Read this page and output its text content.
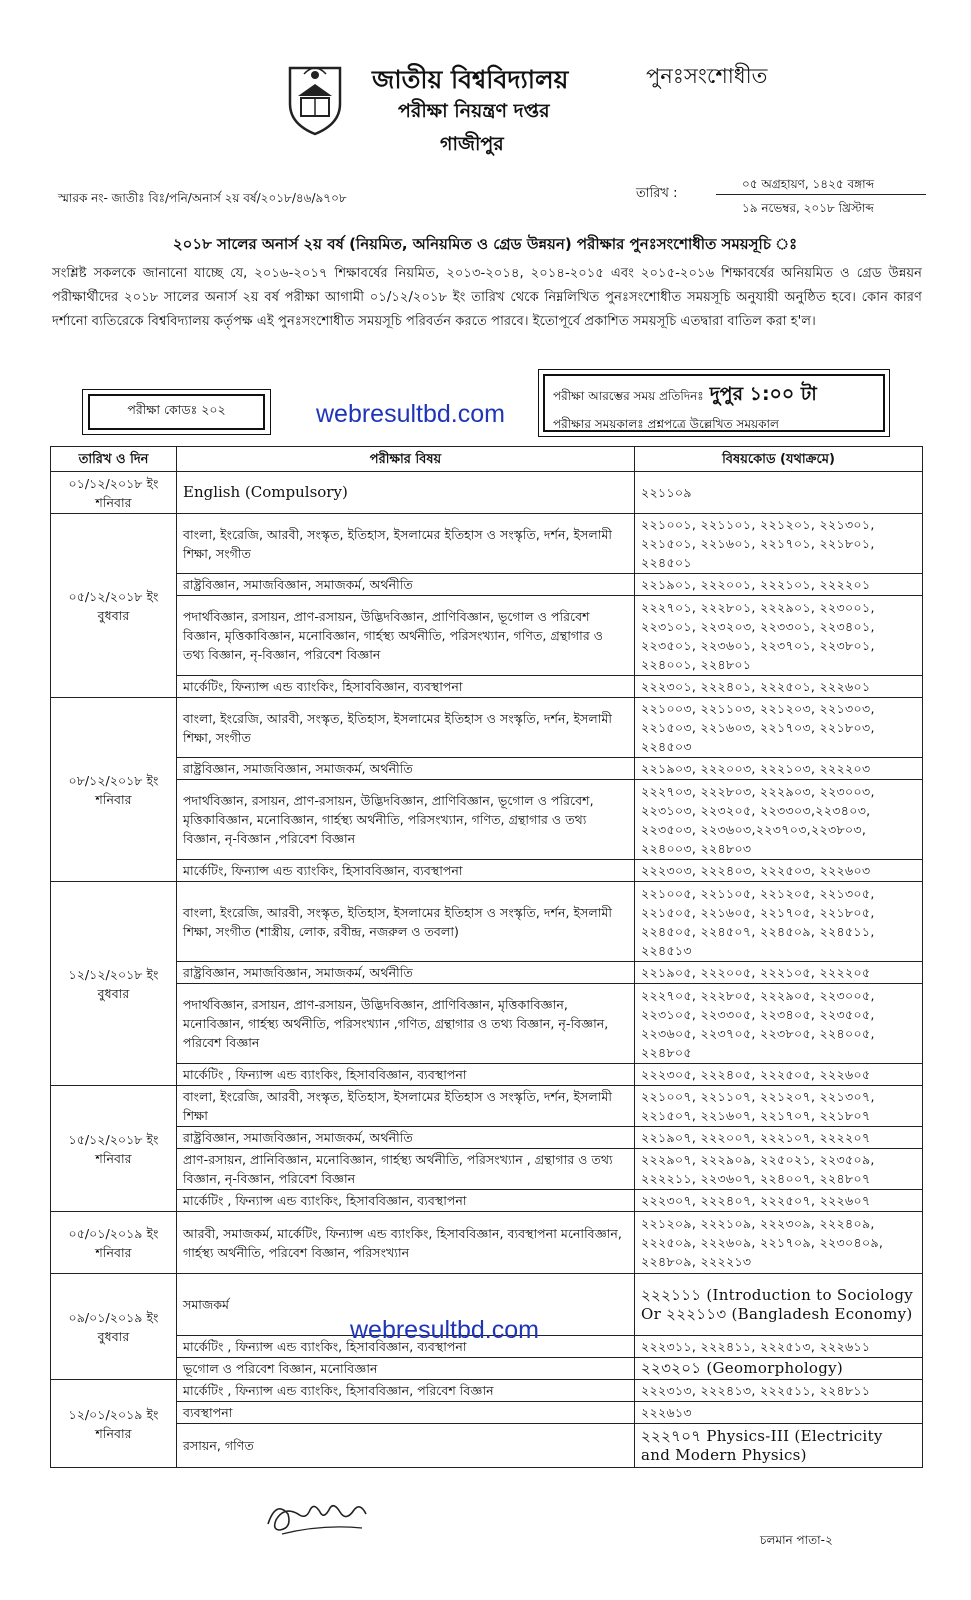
জাতীয় বিশ্ববিদ্যালয়
পরীক্ষা নিয়ন্ত্রণ দপ্তর
গাজীপুর
পুনঃসংশোধীত
স্মারক নং- জাতীঃ বিঃ/পনি/অনার্স ২য় বর্ষ/২০১৮/৪৬/৯৭০৮	তারিখ :
০৫ অগ্রহায়ণ, ১৪২৫ বঙ্গাব্দ
১৯ নভেম্বর, ২০১৮ খ্রিস্টাব্দ
২০১৮ সালের অনার্স ২য় বর্ষ (নিয়মিত, অনিয়মিত ও গ্রেড উন্নয়ন) পরীক্ষার পুনঃসংশোধীত সময়সূচি ঃ
সংশ্লিষ্ট সকলকে জানানো যাচ্ছে যে, ২০১৬-২০১৭ শিক্ষাবর্ষের নিয়মিত, ২০১৩-২০১৪, ২০১৪-২০১৫ এবং ২০১৫-২০১৬ শিক্ষাবর্ষের অনিয়মিত ও গ্রেড উন্নয়ন পরীক্ষার্থীদের ২০১৮ সালের অনার্স ২য় বর্ষ পরীক্ষা আগামী ০১/১২/২০১৮ ইং তারিখ থেকে নিম্নলিখিত পুনঃসংশোধীত সময়সূচি অনুযায়ী অনুষ্ঠিত হবে। কোন কারণ দর্শানো ব্যতিরেকে বিশ্ববিদ্যালয় কর্তৃপক্ষ এই পুনঃসংশোধীত সময়সূচি পরিবর্তন করতে পারবে। ইতোপূর্বে প্রকাশিত সময়সূচি এতদ্বারা বাতিল করা হ'ল।
পরীক্ষা কোডঃ ২০২	webresultbd.com
পরীক্ষা আরম্ভের সময় প্রতিদিনঃ দুপুর ১:০০ টা
পরীক্ষার সময়কালঃ প্রশ্নপত্রে উল্লেখিত সময়কাল
তারিখ ও দিন	পরীক্ষার বিষয়	বিষয়কোড (যথাক্রমে)

০১/১২/২০১৮ ইং
শনিবার	English (Compulsory)	২২১১০৯

০৫/১২/২০১৮ ইং
বুধবার	বাংলা, ইংরেজি, আরবী, সংস্কৃত, ইতিহাস, ইসলামের ইতিহাস ও সংস্কৃতি, দর্শন, ইসলামী শিক্ষা, সংগীত	২২১০০১, ২২১১০১, ২২১২০১, ২২১৩০১, ২২১৫০১, ২২১৬০১, ২২১৭০১, ২২১৮০১, ২২৪৫০১
	রাষ্ট্রবিজ্ঞান, সমাজবিজ্ঞান, সমাজকর্ম, অর্থনীতি	২২১৯০১, ২২২০০১, ২২২১০১, ২২২২০১
	পদার্থবিজ্ঞান, রসায়ন, প্রাণ-রসায়ন, উদ্ভিদবিজ্ঞান, প্রাণিবিজ্ঞান, ভূগোল ও পরিবেশ বিজ্ঞান, মৃত্তিকাবিজ্ঞান, মনোবিজ্ঞান, গার্হস্থ্য অর্থনীতি, পরিসংখ্যান, গণিত, গ্রন্থাগার ও তথ্য বিজ্ঞান, নৃ-বিজ্ঞান, পরিবেশ বিজ্ঞান	২২২৭০১, ২২২৮০১, ২২২৯০১, ২২৩০০১, ২২৩১০১, ২২৩২০৩, ২২৩৩০১, ২২৩৪০১, ২২৩৫০১, ২২৩৬০১, ২২৩৭০১, ২২৩৮০১, ২২৪০০১, ২২৪৮০১
	মার্কেটিং, ফিন্যান্স এন্ড ব্যাংকিং, হিসাববিজ্ঞান, ব্যবস্থাপনা	২২২৩০১, ২২২৪০১, ২২২৫০১, ২২২৬০১

০৮/১২/২০১৮ ইং
শনিবার	বাংলা, ইংরেজি, আরবী, সংস্কৃত, ইতিহাস, ইসলামের ইতিহাস ও সংস্কৃতি, দর্শন, ইসলামী শিক্ষা, সংগীত	২২১০০৩, ২২১১০৩, ২২১২০৩, ২২১৩০৩, ২২১৫০৩, ২২১৬০৩, ২২১৭০৩, ২২১৮০৩, ২২৪৫০৩
	রাষ্ট্রবিজ্ঞান, সমাজবিজ্ঞান, সমাজকর্ম, অর্থনীতি	২২১৯০৩, ২২২০০৩, ২২২১০৩, ২২২২০৩
	পদার্থবিজ্ঞান, রসায়ন, প্রাণ-রসায়ন, উদ্ভিদবিজ্ঞান, প্রাণিবিজ্ঞান, ভূগোল ও পরিবেশ, মৃত্তিকাবিজ্ঞান, মনোবিজ্ঞান, গার্হস্থ্য অর্থনীতি, পরিসংখ্যান, গণিত, গ্রন্থাগার ও তথ্য বিজ্ঞান, নৃ-বিজ্ঞান ,পরিবেশ বিজ্ঞান	২২২৭০৩, ২২২৮০৩, ২২২৯০৩, ২২৩০০৩, ২২৩১০৩, ২২৩২০৫, ২২৩৩০৩,২২৩৪০৩, ২২৩৫০৩, ২২৩৬০৩,২২৩৭০৩,২২৩৮০৩, ২২৪০০৩, ২২৪৮০৩
	মার্কেটিং, ফিন্যান্স এন্ড ব্যাংকিং, হিসাববিজ্ঞান, ব্যবস্থাপনা	২২২৩০৩, ২২২৪০৩, ২২২৫০৩, ২২২৬০৩

১২/১২/২০১৮ ইং
বুধবার	বাংলা, ইংরেজি, আরবী, সংস্কৃত, ইতিহাস, ইসলামের ইতিহাস ও সংস্কৃতি, দর্শন, ইসলামী শিক্ষা, সংগীত (শাস্ত্রীয়, লোক, রবীন্দ্র, নজরুল ও তবলা)	২২১০০৫, ২২১১০৫, ২২১২০৫, ২২১৩০৫, ২২১৫০৫, ২২১৬০৫, ২২১৭০৫, ২২১৮০৫, ২২৪৫০৫, ২২৪৫০৭, ২২৪৫০৯, ২২৪৫১১, ২২৪৫১৩
	রাষ্ট্রবিজ্ঞান, সমাজবিজ্ঞান, সমাজকর্ম, অর্থনীতি	২২১৯০৫, ২২২০০৫, ২২২১০৫, ২২২২০৫
	পদার্থবিজ্ঞান, রসায়ন, প্রাণ-রসায়ন, উদ্ভিদবিজ্ঞান, প্রাণিবিজ্ঞান, মৃত্তিকাবিজ্ঞান, মনোবিজ্ঞান, গার্হস্থ্য অর্থনীতি, পরিসংখ্যান ,গণিত, গ্রন্থাগার ও তথ্য বিজ্ঞান, নৃ-বিজ্ঞান, পরিবেশ বিজ্ঞান	২২২৭০৫, ২২২৮০৫, ২২২৯০৫, ২২৩০০৫, ২২৩১০৫, ২২৩৩০৫, ২২৩৪০৫, ২২৩৫০৫, ২২৩৬০৫, ২২৩৭০৫, ২২৩৮০৫, ২২৪০০৫, ২২৪৮০৫
	মার্কেটিং , ফিন্যান্স এন্ড ব্যাংকিং, হিসাববিজ্ঞান, ব্যবস্থাপনা	২২২৩০৫, ২২২৪০৫, ২২২৫০৫, ২২২৬০৫

১৫/১২/২০১৮ ইং
শনিবার	বাংলা, ইংরেজি, আরবী, সংস্কৃত, ইতিহাস, ইসলামের ইতিহাস ও সংস্কৃতি, দর্শন, ইসলামী শিক্ষা	২২১০০৭, ২২১১০৭, ২২১২০৭, ২২১৩০৭, ২২১৫০৭, ২২১৬০৭, ২২১৭০৭, ২২১৮০৭
	রাষ্ট্রবিজ্ঞান, সমাজবিজ্ঞান, সমাজকর্ম, অর্থনীতি	২২১৯০৭, ২২২০০৭, ২২২১০৭, ২২২২০৭
	প্রাণ-রসায়ন, প্রানিবিজ্ঞান, মনোবিজ্ঞান, গার্হস্থ্য অর্থনীতি, পরিসংখ্যান , গ্রন্থাগার ও তথ্য বিজ্ঞান, নৃ-বিজ্ঞান, পরিবেশ বিজ্ঞান	২২২৯০৭, ২২২৯০৯, ২২৫০২১, ২২৩৫০৯, ২২২২১১, ২২৩৬০৭, ২২৪০০৭, ২২৪৮০৭
	মার্কেটিং , ফিন্যান্স এন্ড ব্যাংকিং, হিসাববিজ্ঞান, ব্যবস্থাপনা	২২২৩০৭, ২২২৪০৭, ২২২৫০৭, ২২২৬০৭

০৫/০১/২০১৯ ইং
শনিবার	আরবী, সমাজকর্ম, মার্কেটিং, ফিন্যান্স এন্ড ব্যাংকিং, হিসাববিজ্ঞান, ব্যবস্থাপনা মনোবিজ্ঞান, গার্হস্থ্য অর্থনীতি, পরিবেশ বিজ্ঞান, পরিসংখ্যান	২২১২০৯, ২২২১০৯, ২২২৩০৯, ২২২৪০৯, ২২২৫০৯, ২২২৬০৯, ২২১৭০৯, ২২৩০৪০৯, ২২৪৮০৯, ২২২২১৩

০৯/০১/২০১৯ ইং
বুধবার	সমাজকর্ম	২২২১১১ (Introduction to Sociology Or ২২২১১৩ (Bangladesh Economy)
	মার্কেটিং , ফিন্যান্স এন্ড ব্যাংকিং, হিসাববিজ্ঞান, ব্যবস্থাপনা	২২২৩১১, ২২২৪১১, ২২২৫১৩, ২২২৬১১
	ভূগোল ও পরিবেশ বিজ্ঞান, মনোবিজ্ঞান	২২৩২০১ (Geomorphology)

১২/০১/২০১৯ ইং
শনিবার	মার্কেটিং , ফিন্যান্স এন্ড ব্যাংকিং, হিসাববিজ্ঞান, পরিবেশ বিজ্ঞান	২২২৩১৩, ২২২৪১৩, ২২২৫১১, ২২৪৮১১
	ব্যবস্থাপনা	২২২৬১৩
	রসায়ন, গণিত	২২২৭০৭ Physics-III (Electricity and Modern Physics)
webresultbd.com
চলমান পাতা-২
